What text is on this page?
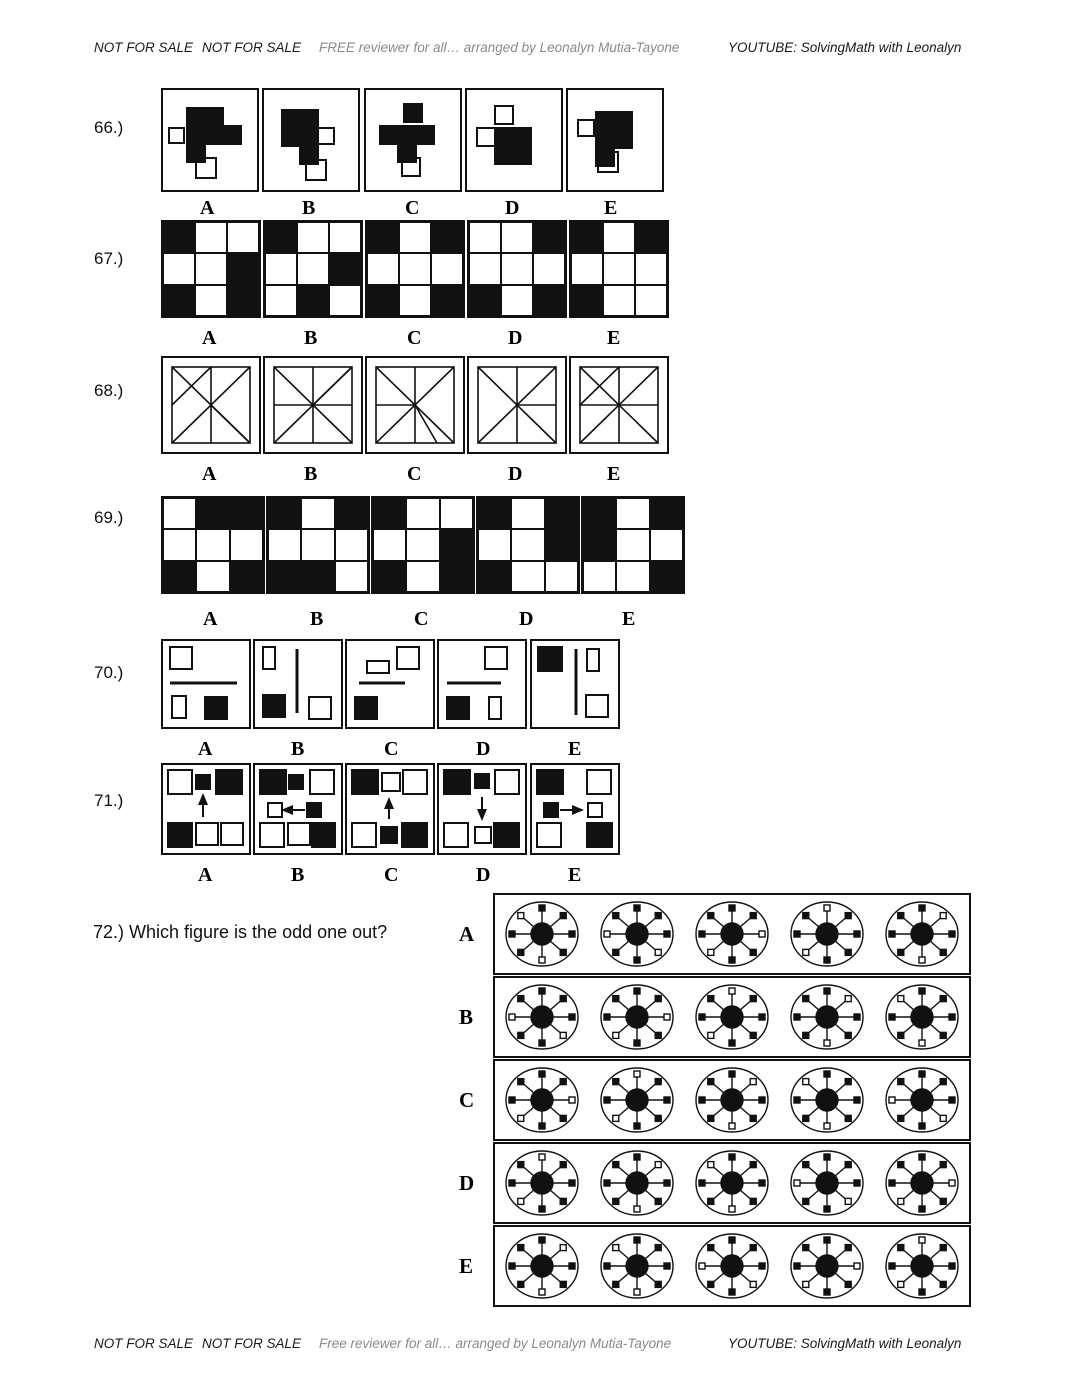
NOT FOR SALE NOT FOR SALE FREE reviewer for all… arranged by Leonalyn Mutia-Tayone	YOUTUBE: SolvingMath with Leonalyn
66.)
A	B	C	D	E
67.)
A	B	C	D	E
68.)
A	B	C	D	E
69.)
A	B	C	D	E
70.)
A	B	C	D	E
71.)
A	B	C	D	E
72.) Which figure is the odd one out?	A
B
C
D
E
NOT FOR SALE NOT FOR SALE Free reviewer for all… arranged by Leonalyn Mutia-Tayone	YOUTUBE: SolvingMath with Leonalyn
